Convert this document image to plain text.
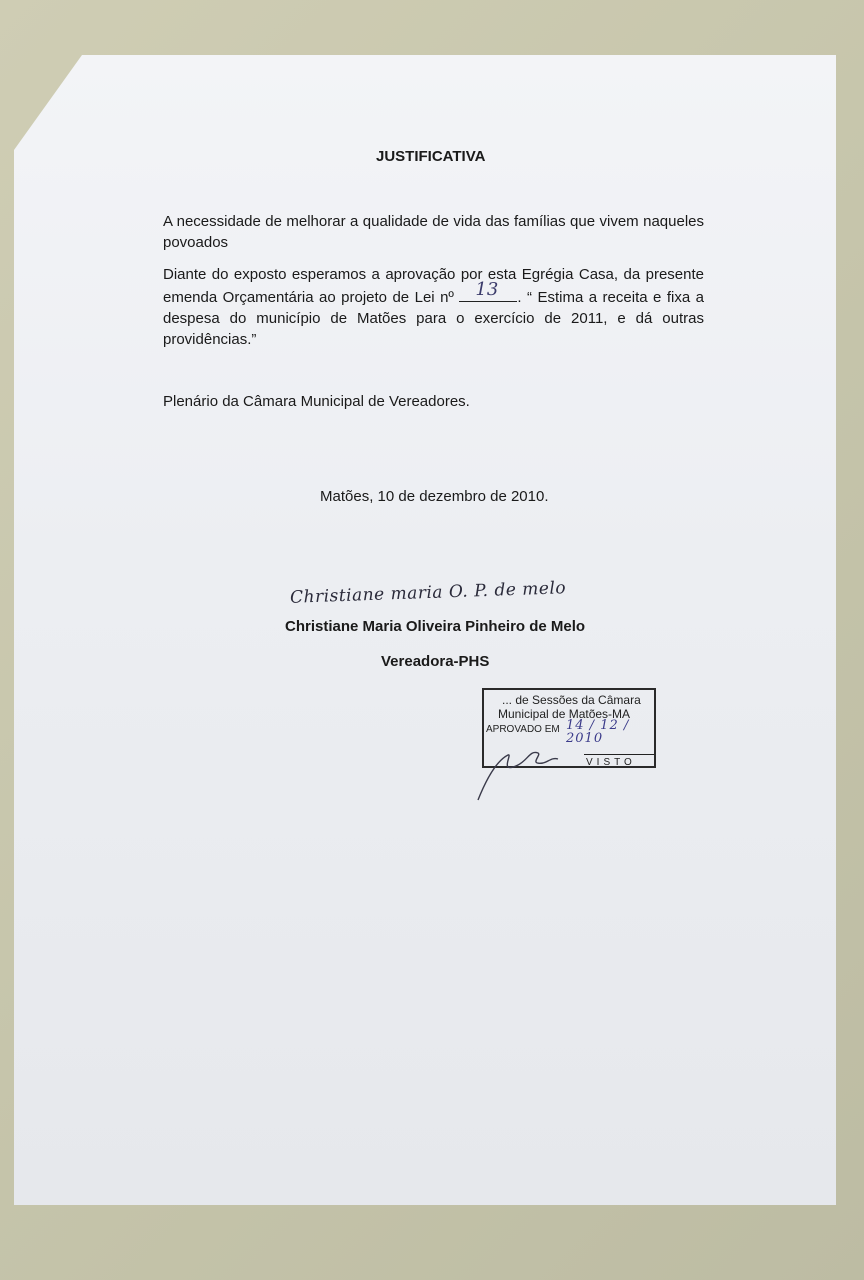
JUSTIFICATIVA
A necessidade de melhorar a qualidade de vida das famílias que vivem naqueles povoados
Diante do exposto esperamos a aprovação por esta Egrégia Casa, da presente emenda Orçamentária ao projeto de Lei nº 13 . “ Estima a receita e fixa a despesa do município de Matões para o exercício de 2011, e dá outras providências.”
Plenário da Câmara Municipal de Vereadores.
Matões, 10 de dezembro de 2010.
Christiane maria O. P. de melo
Christiane Maria Oliveira Pinheiro de Melo
Vereadora-PHS
... de Sessões da Câmara
Municipal de Matões-MA
APROVADO EM 14 / 12 / 2010
VISTO
